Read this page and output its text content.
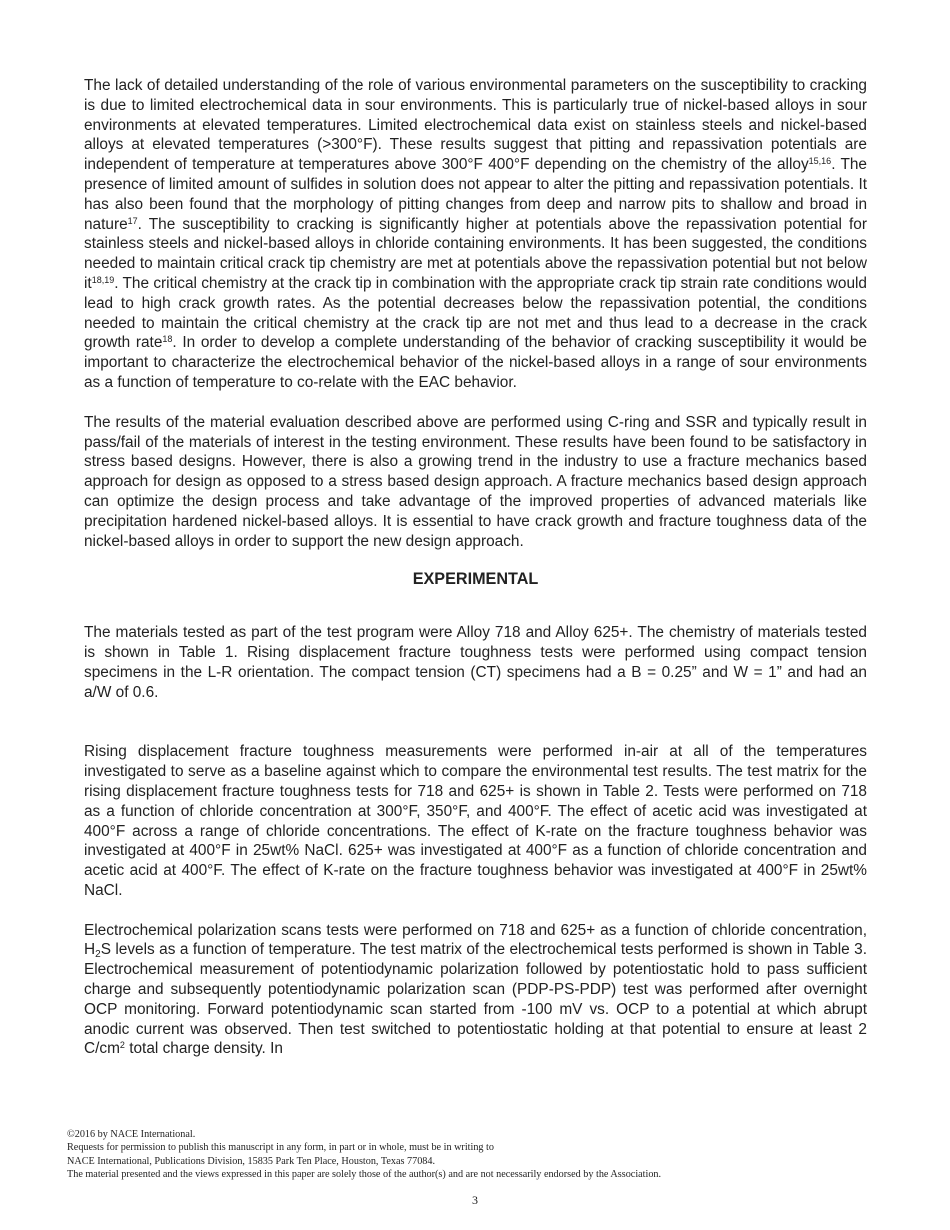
The lack of detailed understanding of the role of various environmental parameters on the susceptibility to cracking is due to limited electrochemical data in sour environments. This is particularly true of nickel-based alloys in sour environments at elevated temperatures. Limited electrochemical data exist on stainless steels and nickel-based alloys at elevated temperatures (>300°F). These results suggest that pitting and repassivation potentials are independent of temperature at temperatures above 300°F 400°F depending on the chemistry of the alloy$^{15,16}$. The presence of limited amount of sulfides in solution does not appear to alter the pitting and repassivation potentials. It has also been found that the morphology of pitting changes from deep and narrow pits to shallow and broad in nature$^{17}$. The susceptibility to cracking is significantly higher at potentials above the repassivation potential for stainless steels and nickel-based alloys in chloride containing environments. It has been suggested, the conditions needed to maintain critical crack tip chemistry are met at potentials above the repassivation potential but not below it$^{18,19}$. The critical chemistry at the crack tip in combination with the appropriate crack tip strain rate conditions would lead to high crack growth rates. As the potential decreases below the repassivation potential, the conditions needed to maintain the critical chemistry at the crack tip are not met and thus lead to a decrease in the crack growth rate$^{18}$. In order to develop a complete understanding of the behavior of cracking susceptibility it would be important to characterize the electrochemical behavior of the nickel-based alloys in a range of sour environments as a function of temperature to co-relate with the EAC behavior.

The results of the material evaluation described above are performed using C-ring and SSR and typically result in pass/fail of the materials of interest in the testing environment. These results have been found to be satisfactory in stress based designs. However, there is also a growing trend in the industry to use a fracture mechanics based approach for design as opposed to a stress based design approach. A fracture mechanics based design approach can optimize the design process and take advantage of the improved properties of advanced materials like precipitation hardened nickel-based alloys. It is essential to have crack growth and fracture toughness data of the nickel-based alloys in order to support the new design approach.

EXPERIMENTAL

The materials tested as part of the test program were Alloy 718 and Alloy 625+. The chemistry of materials tested is shown in Table 1. Rising displacement fracture toughness tests were performed using compact tension specimens in the L-R orientation. The compact tension (CT) specimens had a B = 0.25” and W = 1” and had an a/W of 0.6.

Rising displacement fracture toughness measurements were performed in-air at all of the temperatures investigated to serve as a baseline against which to compare the environmental test results. The test matrix for the rising displacement fracture toughness tests for 718 and 625+ is shown in Table 2. Tests were performed on 718 as a function of chloride concentration at 300°F, 350°F, and 400°F. The effect of acetic acid was investigated at 400°F across a range of chloride concentrations. The effect of K-rate on the fracture toughness behavior was investigated at 400°F in 25wt% NaCl. 625+ was investigated at 400°F as a function of chloride concentration and acetic acid at 400°F. The effect of K-rate on the fracture toughness behavior was investigated at 400°F in 25wt% NaCl.

Electrochemical polarization scans tests were performed on 718 and 625+ as a function of chloride concentration, $H_2S$ levels as a function of temperature. The test matrix of the electrochemical tests performed is shown in Table 3. Electrochemical measurement of potentiodynamic polarization followed by potentiostatic hold to pass sufficient charge and subsequently potentiodynamic polarization scan (PDP-PS-PDP) test was performed after overnight OCP monitoring. Forward potentiodynamic scan started from -100 mV vs. OCP to a potential at which abrupt anodic current was observed. Then test switched to potentiostatic holding at that potential to ensure at least 2 $C/cm^2$ total charge density. In

©2016 by NACE International.
Requests for permission to publish this manuscript in any form, in part or in whole, must be in writing to
NACE International, Publications Division, 15835 Park Ten Place, Houston, Texas 77084.
The material presented and the views expressed in this paper are solely those of the author(s) and are not necessarily endorsed by the Association.
3
